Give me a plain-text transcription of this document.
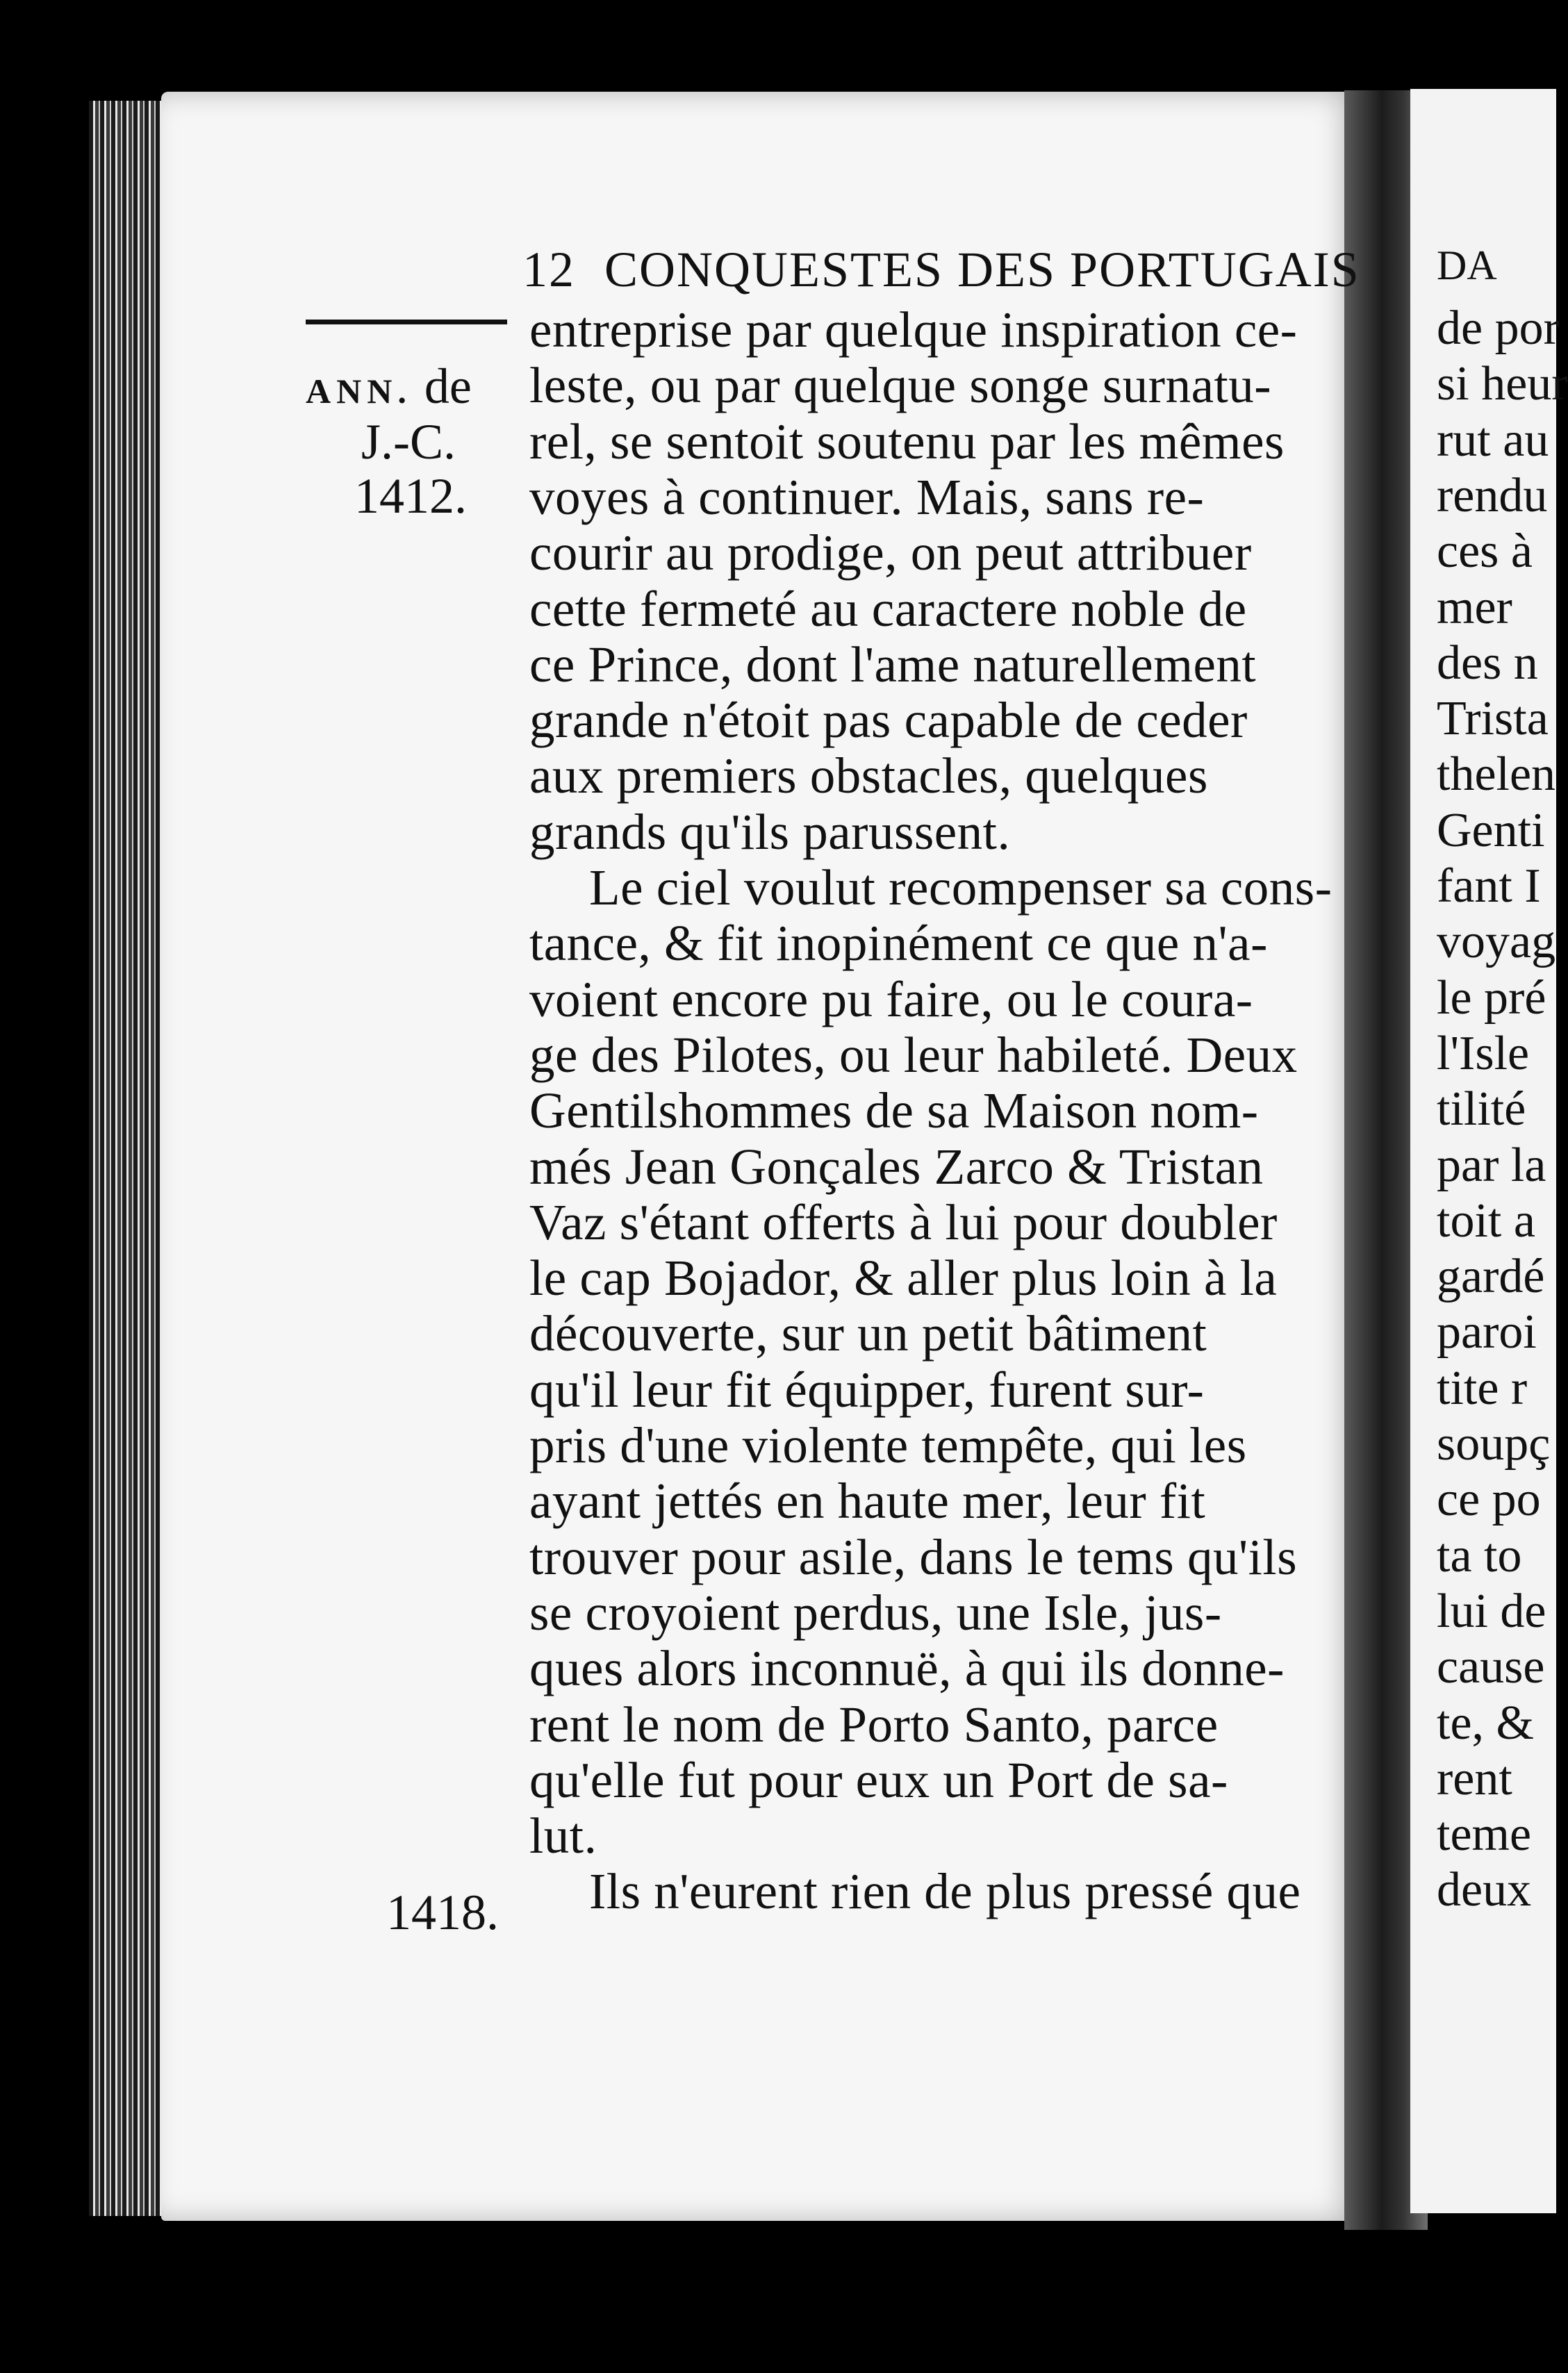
12 CONQUESTES DES PORTUGAIS
ANN. de
J.-C.
1412.
1418.
entreprise par quelque inspiration ce-
leste, ou par quelque songe surnatu-
rel, se sentoit soutenu par les mêmes
voyes à continuer. Mais, sans re-
courir au prodige, on peut attribuer
cette fermeté au caractere noble de
ce Prince, dont l'ame naturellement
grande n'étoit pas capable de ceder
aux premiers obstacles, quelques
grands qu'ils parussent.
Le ciel voulut recompenser sa cons-
tance, & fit inopinément ce que n'a-
voient encore pu faire, ou le coura-
ge des Pilotes, ou leur habileté. Deux
Gentilshommes de sa Maison nom-
més Jean Gonçales Zarco & Tristan
Vaz s'étant offerts à lui pour doubler
le cap Bojador, & aller plus loin à la
découverte, sur un petit bâtiment
qu'il leur fit équipper, furent sur-
pris d'une violente tempête, qui les
ayant jettés en haute mer, leur fit
trouver pour asile, dans le tems qu'ils
se croyoient perdus, une Isle, jus-
ques alors inconnuë, à qui ils donne-
rent le nom de Porto Santo, parce
qu'elle fut pour eux un Port de sa-
lut.
Ils n'eurent rien de plus pressé que
DA
de por
si heur
rut au
rendu
ces à
mer
des n
Trista
thelen
Genti
fant I
voyag
le pré
l'Isle
tilité
par la
toit a
gardé
paroi
tite r
soupç
ce po
ta to
lui de
cause
te, &
rent
teme
deux
